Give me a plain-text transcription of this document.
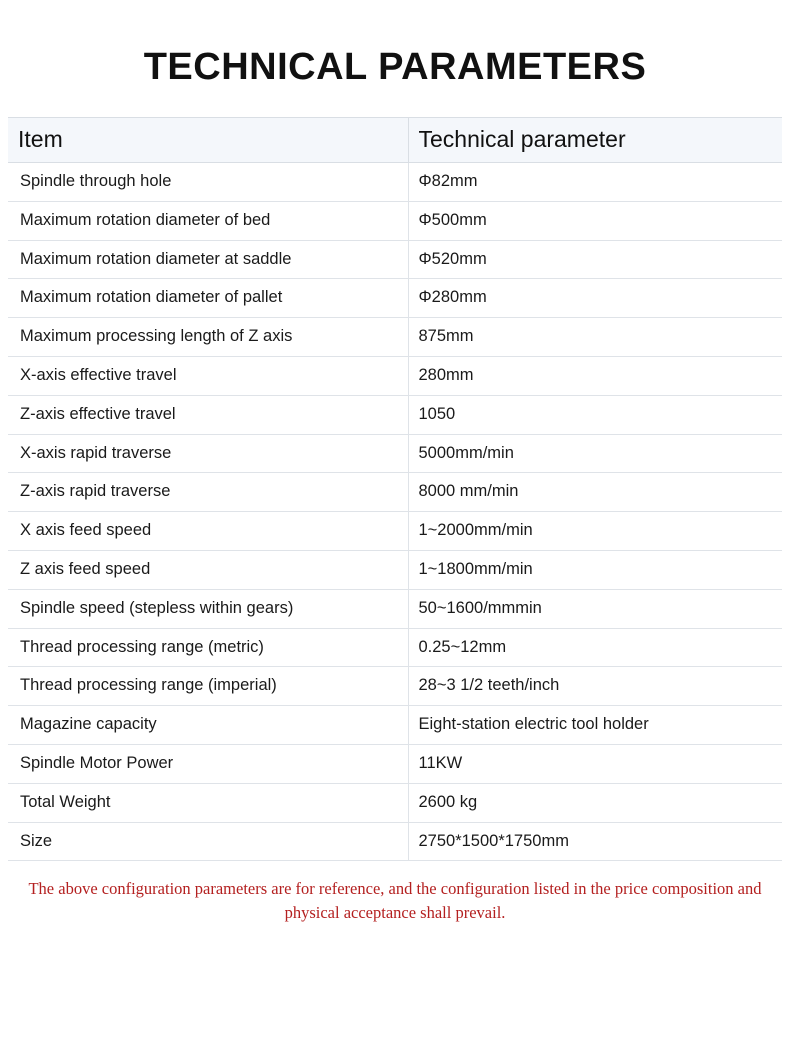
TECHNICAL PARAMETERS
Item	Technical parameter
Spindle through hole	Φ82mm
Maximum rotation diameter of bed	Φ500mm
Maximum rotation diameter at saddle	Φ520mm
Maximum rotation diameter of pallet	Φ280mm
Maximum processing length of Z axis	875mm
X-axis effective travel	280mm
Z-axis effective travel	1050
X-axis rapid traverse	5000mm/min
Z-axis rapid traverse	8000 mm/min
X axis feed speed	1~2000mm/min
Z axis feed speed	1~1800mm/min
Spindle speed (stepless within gears)	50~1600/mmmin
Thread processing range (metric)	0.25~12mm
Thread processing range (imperial)	28~3 1/2 teeth/inch
Magazine capacity	Eight-station electric tool holder
Spindle Motor Power	11KW
Total Weight	2600 kg
Size	2750*1500*1750mm
The above configuration parameters are for reference, and the configuration listed in the price composition and physical acceptance shall prevail.
